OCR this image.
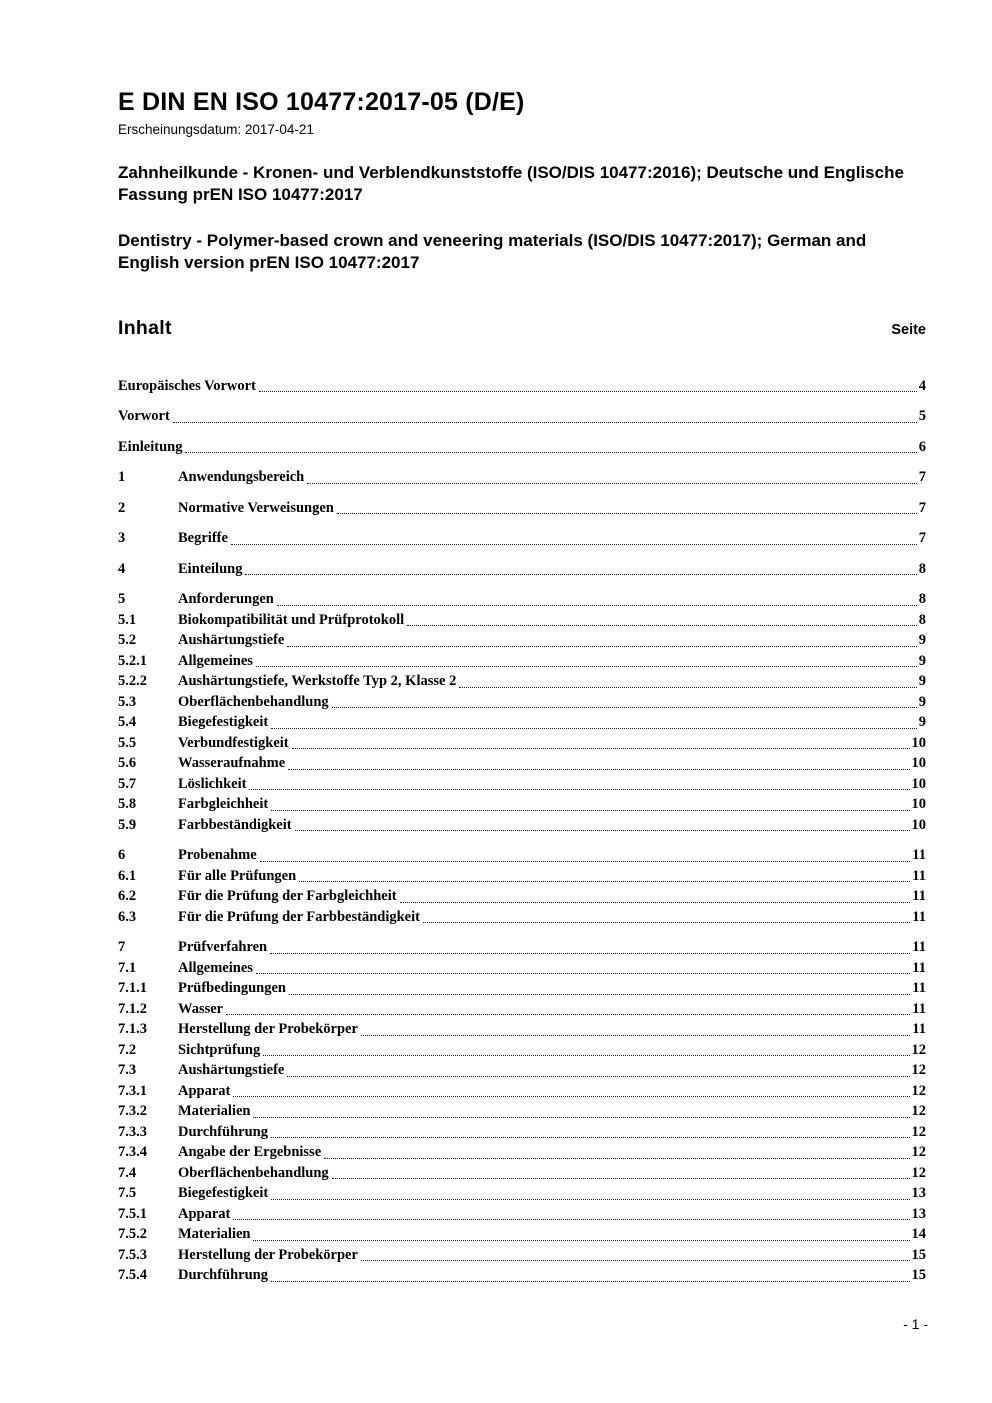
E DIN EN ISO 10477:2017-05 (D/E)
Erscheinungsdatum: 2017-04-21
Zahnheilkunde - Kronen- und Verblendkunststoffe (ISO/DIS 10477:2016); Deutsche und Englische Fassung prEN ISO 10477:2017
Dentistry - Polymer-based crown and veneering materials (ISO/DIS 10477:2017); German and English version prEN ISO 10477:2017
Inhalt	Seite
Europäisches Vorwort	4
Vorwort	5
Einleitung	6
1	Anwendungsbereich	7
2	Normative Verweisungen	7
3	Begriffe	7
4	Einteilung	8
5	Anforderungen	8
5.1	Biokompatibilität und Prüfprotokoll	8
5.2	Aushärtungstiefe	9
5.2.1	Allgemeines	9
5.2.2	Aushärtungstiefe, Werkstoffe Typ 2, Klasse 2	9
5.3	Oberflächenbehandlung	9
5.4	Biegefestigkeit	9
5.5	Verbundfestigkeit	10
5.6	Wasseraufnahme	10
5.7	Löslichkeit	10
5.8	Farbgleichheit	10
5.9	Farbbeständigkeit	10
6	Probenahme	11
6.1	Für alle Prüfungen	11
6.2	Für die Prüfung der Farbgleichheit	11
6.3	Für die Prüfung der Farbbeständigkeit	11
7	Prüfverfahren	11
7.1	Allgemeines	11
7.1.1	Prüfbedingungen	11
7.1.2	Wasser	11
7.1.3	Herstellung der Probekörper	11
7.2	Sichtprüfung	12
7.3	Aushärtungstiefe	12
7.3.1	Apparat	12
7.3.2	Materialien	12
7.3.3	Durchführung	12
7.3.4	Angabe der Ergebnisse	12
7.4	Oberflächenbehandlung	12
7.5	Biegefestigkeit	13
7.5.1	Apparat	13
7.5.2	Materialien	14
7.5.3	Herstellung der Probekörper	15
7.5.4	Durchführung	15
- 1 -
